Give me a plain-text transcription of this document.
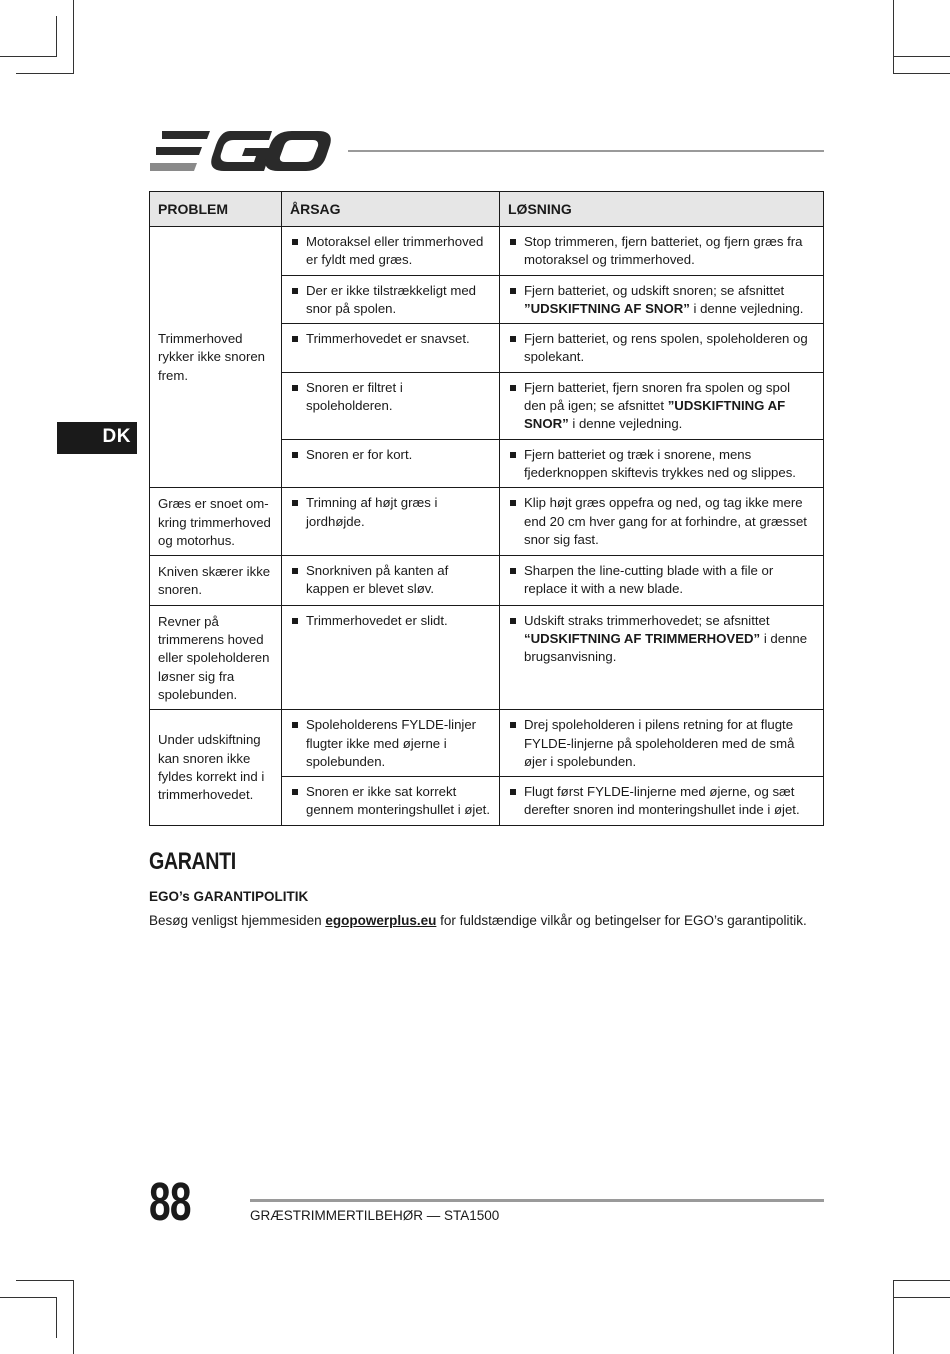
DK
PROBLEM	ÅRSAG	LØSNING
Trimmerhoved rykker ikke snoren frem.	Motoraksel eller trimmerhoved er fyldt med græs.	Stop trimmeren, fjern batteriet, og fjern græs fra motoraksel og trimmerhoved.

	Der er ikke tilstrækkeligt med snor på spolen.	Fjern batteriet, og udskift snoren; se afsnittet ”UDSKIFTNING AF SNOR” i denne vejledning.

	Trimmerhovedet er snavset.	Fjern batteriet, og rens spolen, spoleholderen og spolekant.

	Snoren er filtret i spoleholderen.	Fjern batteriet, fjern snoren fra spolen og spol den på igen; se afsnittet ”UDSKIFTNING AF SNOR” i denne vejledning.

	Snoren er for kort.	Fjern batteriet og træk i snorene, mens fjederknoppen skiftevis trykkes ned og slippes.

Græs er snoet om-kring trimmerhoved og motorhus.	Trimning af højt græs i jordhøjde.	Klip højt græs oppefra og ned, og tag ikke mere end 20 cm hver gang for at forhindre, at græsset snor sig fast.

Kniven skærer ikke snoren.	Snorkniven på kanten af kappen er blevet sløv.	Sharpen the line-cutting blade with a file or replace it with a new blade.

Revner på trimmerens hoved eller spoleholderen løsner sig fra spolebunden.	Trimmerhovedet er slidt.	Udskift straks trimmerhovedet; se afsnittet “UDSKIFTNING AF TRIMMERHOVED” i denne brugsanvisning.

Under udskiftning kan snoren ikke fyldes korrekt ind i trimmerhovedet.	Spoleholderens FYLDE-linjer flugter ikke med øjerne i spolebunden.	Drej spoleholderen i pilens retning for at flugte FYLDE-linjerne på spoleholderen med de små øjer i spolebunden.

	Snoren er ikke sat korrekt gennem monteringshullet i øjet.	Flugt først FYLDE-linjerne med øjerne, og sæt derefter snoren ind monteringshullet inde i øjet.
GARANTI
EGO’s GARANTIPOLITIK

Besøg venligst hjemmesiden egopowerplus.eu for fuldstændige vilkår og betingelser for EGO’s garantipolitik.

88	GRÆSTRIMMERTILBEHØR — STA1500
